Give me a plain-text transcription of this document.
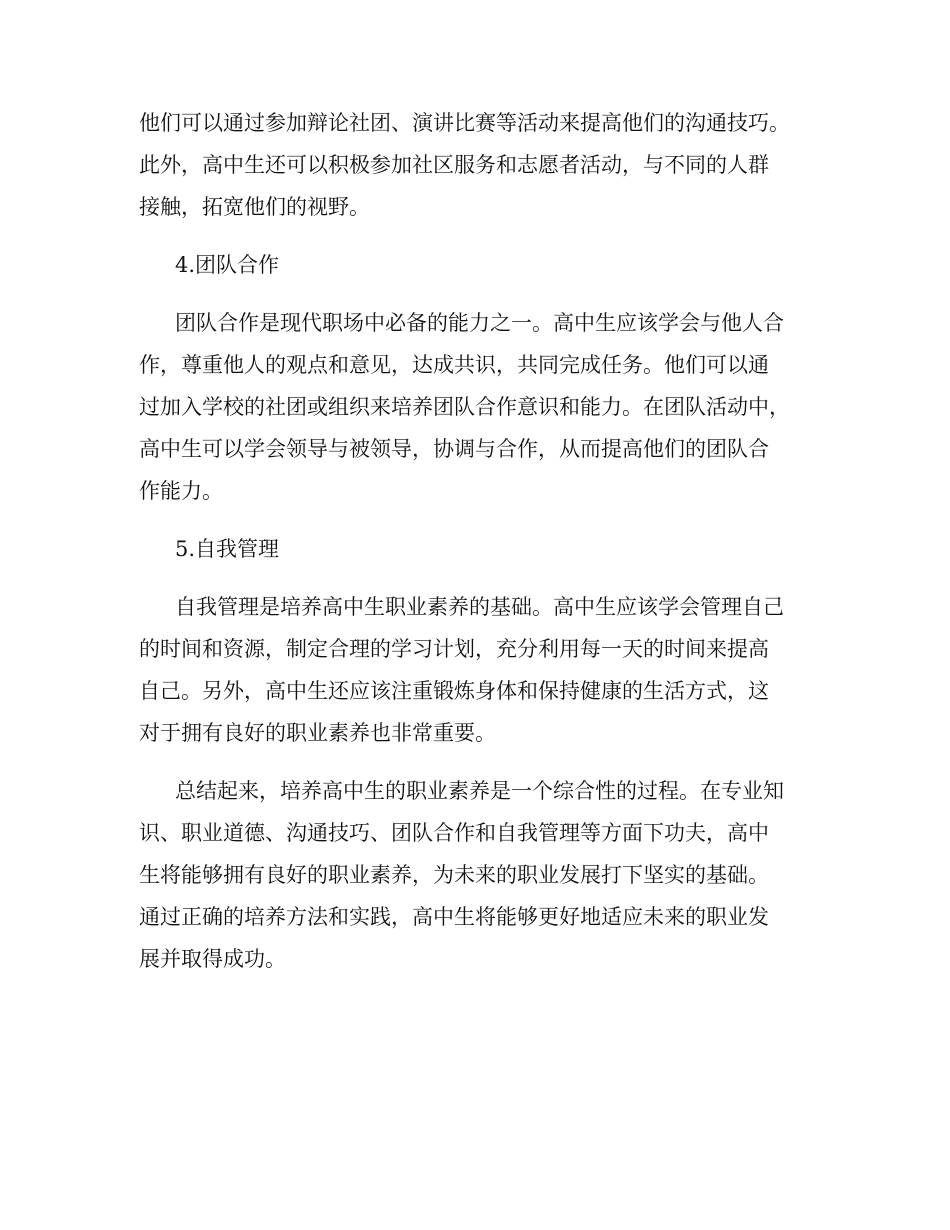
他们可以通过参加辩论社团、演讲比赛等活动来提高他们的沟通技巧。
此外，高中生还可以积极参加社区服务和志愿者活动，与不同的人群
接触，拓宽他们的视野。
4.团队合作
团队合作是现代职场中必备的能力之一。高中生应该学会与他人合
作，尊重他人的观点和意见，达成共识，共同完成任务。他们可以通
过加入学校的社团或组织来培养团队合作意识和能力。在团队活动中，
高中生可以学会领导与被领导，协调与合作，从而提高他们的团队合
作能力。
5.自我管理
自我管理是培养高中生职业素养的基础。高中生应该学会管理自己
的时间和资源，制定合理的学习计划，充分利用每一天的时间来提高
自己。另外，高中生还应该注重锻炼身体和保持健康的生活方式，这
对于拥有良好的职业素养也非常重要。
总结起来，培养高中生的职业素养是一个综合性的过程。在专业知
识、职业道德、沟通技巧、团队合作和自我管理等方面下功夫，高中
生将能够拥有良好的职业素养，为未来的职业发展打下坚实的基础。
通过正确的培养方法和实践，高中生将能够更好地适应未来的职业发
展并取得成功。
